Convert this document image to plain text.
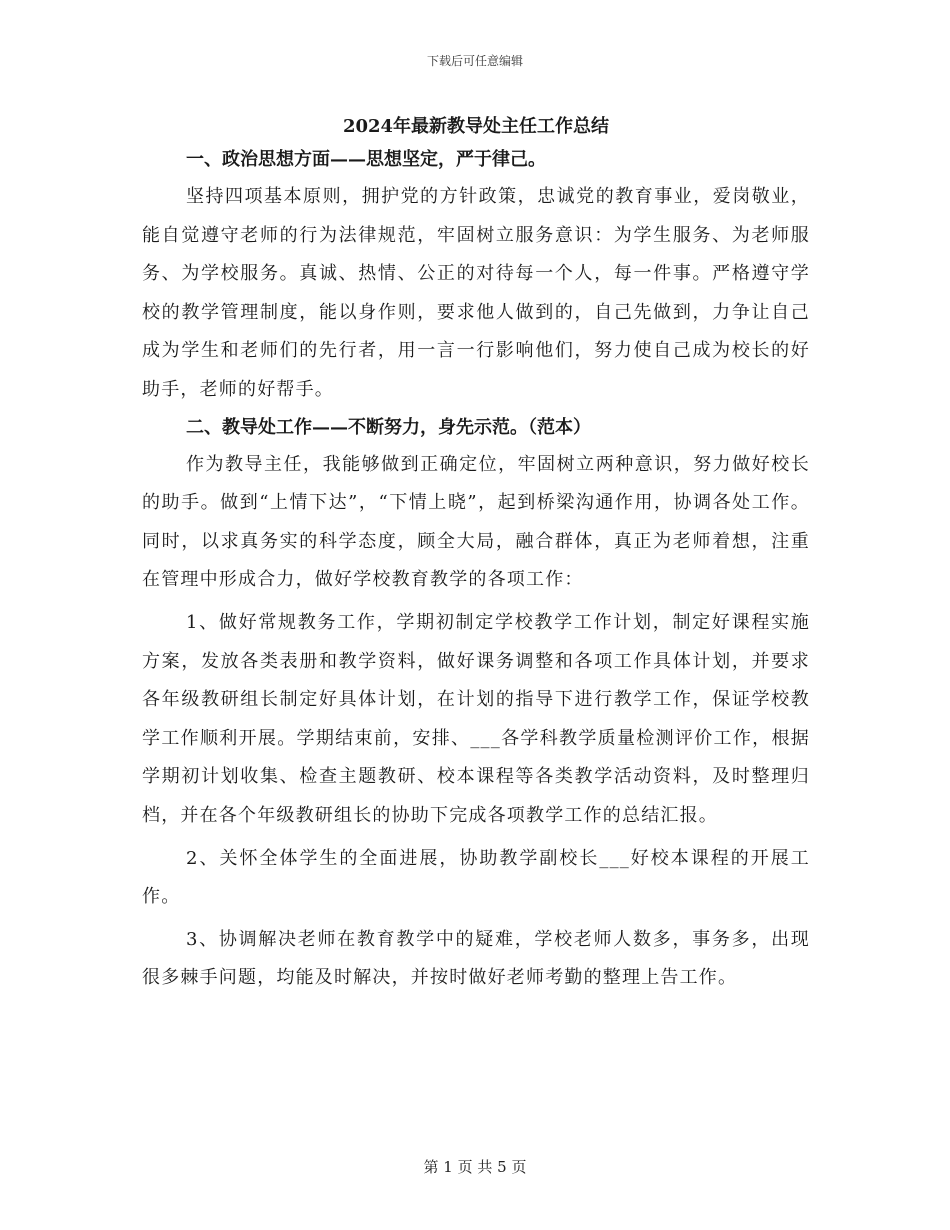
下载后可任意编辑
2024年最新教导处主任工作总结
一、政治思想方面——思想坚定，严于律己。

坚持四项基本原则，拥护党的方针政策，忠诚党的教育事业，爱岗敬业，能自觉遵守老师的行为法律规范，牢固树立服务意识：为学生服务、为老师服务、为学校服务。真诚、热情、公正的对待每一个人，每一件事。严格遵守学校的教学管理制度，能以身作则，要求他人做到的，自己先做到，力争让自己成为学生和老师们的先行者，用一言一行影响他们，努力使自己成为校长的好助手，老师的好帮手。

二、教导处工作——不断努力，身先示范。（范本）

作为教导主任，我能够做到正确定位，牢固树立两种意识，努力做好校长的助手。做到“上情下达”，“下情上晓”，起到桥梁沟通作用，协调各处工作。同时，以求真务实的科学态度，顾全大局，融合群体，真正为老师着想，注重在管理中形成合力，做好学校教育教学的各项工作：

1、做好常规教务工作，学期初制定学校教学工作计划，制定好课程实施方案，发放各类表册和教学资料，做好课务调整和各项工作具体计划，并要求各年级教研组长制定好具体计划，在计划的指导下进行教学工作，保证学校教学工作顺利开展。学期结束前，安排、___各学科教学质量检测评价工作，根据学期初计划收集、检查主题教研、校本课程等各类教学活动资料，及时整理归档，并在各个年级教研组长的协助下完成各项教学工作的总结汇报。

2、关怀全体学生的全面进展，协助教学副校长___好校本课程的开展工作。

3、协调解决老师在教育教学中的疑难，学校老师人数多，事务多，出现很多棘手问题，均能及时解决，并按时做好老师考勤的整理上告工作。

第 1 页 共 5 页
